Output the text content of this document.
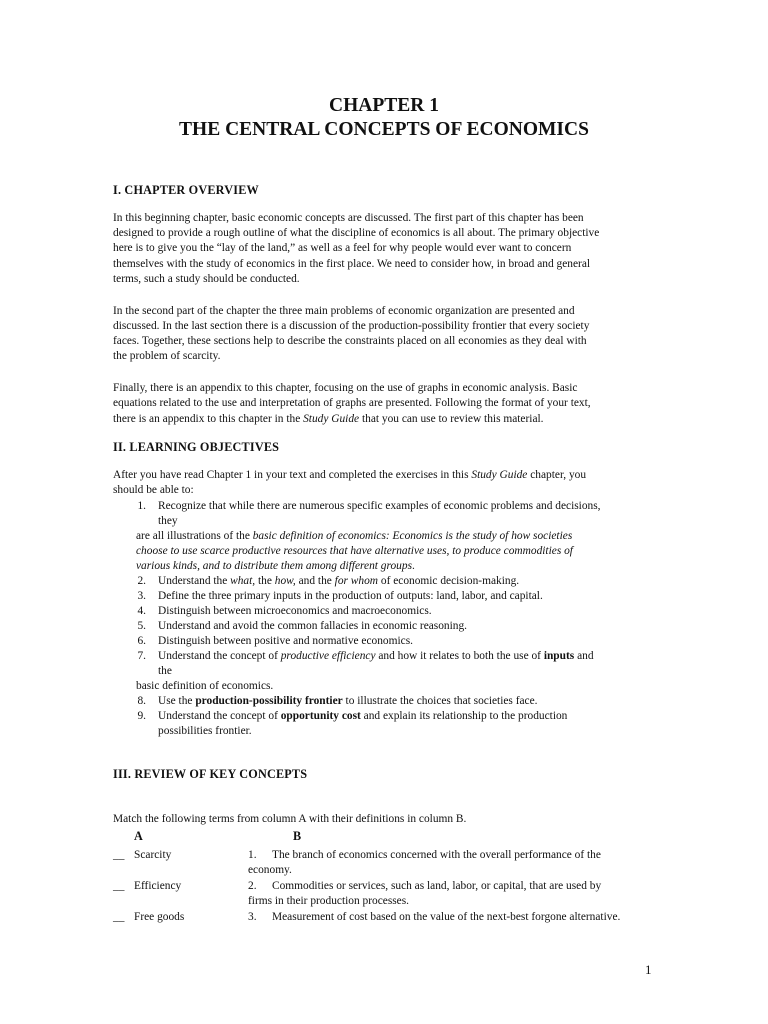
CHAPTER 1
THE CENTRAL CONCEPTS OF ECONOMICS
I. CHAPTER OVERVIEW
In this beginning chapter, basic economic concepts are discussed. The first part of this chapter has been
designed to provide a rough outline of what the discipline of economics is all about. The primary objective
here is to give you the “lay of the land,” as well as a feel for why people would ever want to concern
themselves with the study of economics in the first place. We need to consider how, in broad and general
terms, such a study should be conducted.
In the second part of the chapter the three main problems of economic organization are presented and
discussed. In the last section there is a discussion of the production-possibility frontier that every society
faces. Together, these sections help to describe the constraints placed on all economies as they deal with
the problem of scarcity.
Finally, there is an appendix to this chapter, focusing on the use of graphs in economic analysis. Basic
equations related to the use and interpretation of graphs are presented. Following the format of your text,
there is an appendix to this chapter in the Study Guide that you can use to review this material.
II. LEARNING OBJECTIVES
After you have read Chapter 1 in your text and completed the exercises in this Study Guide chapter, you
should be able to:
1. Recognize that while there are numerous specific examples of economic problems and decisions,
they
are all illustrations of the basic definition of economics: Economics is the study of how societies
choose to use scarce productive resources that have alternative uses, to produce commodities of
various kinds, and to distribute them among different groups.
2. Understand the what, the how, and the for whom of economic decision-making.
3. Define the three primary inputs in the production of outputs: land, labor, and capital.
4. Distinguish between microeconomics and macroeconomics.
5. Understand and avoid the common fallacies in economic reasoning.
6. Distinguish between positive and normative economics.
7. Understand the concept of productive efficiency and how it relates to both the use of inputs and
the
basic definition of economics.
8. Use the production-possibility frontier to illustrate the choices that societies face.
9. Understand the concept of opportunity cost and explain its relationship to the production
possibilities frontier.
III. REVIEW OF KEY CONCEPTS
Match the following terms from column A with their definitions in column B.
A	B
__ Scarcity	1. The branch of economics concerned with the overall performance of the
economy.
__ Efficiency	2. Commodities or services, such as land, labor, or capital, that are used by
firms in their production processes.
__ Free goods	3. Measurement of cost based on the value of the next-best forgone alternative.
1
